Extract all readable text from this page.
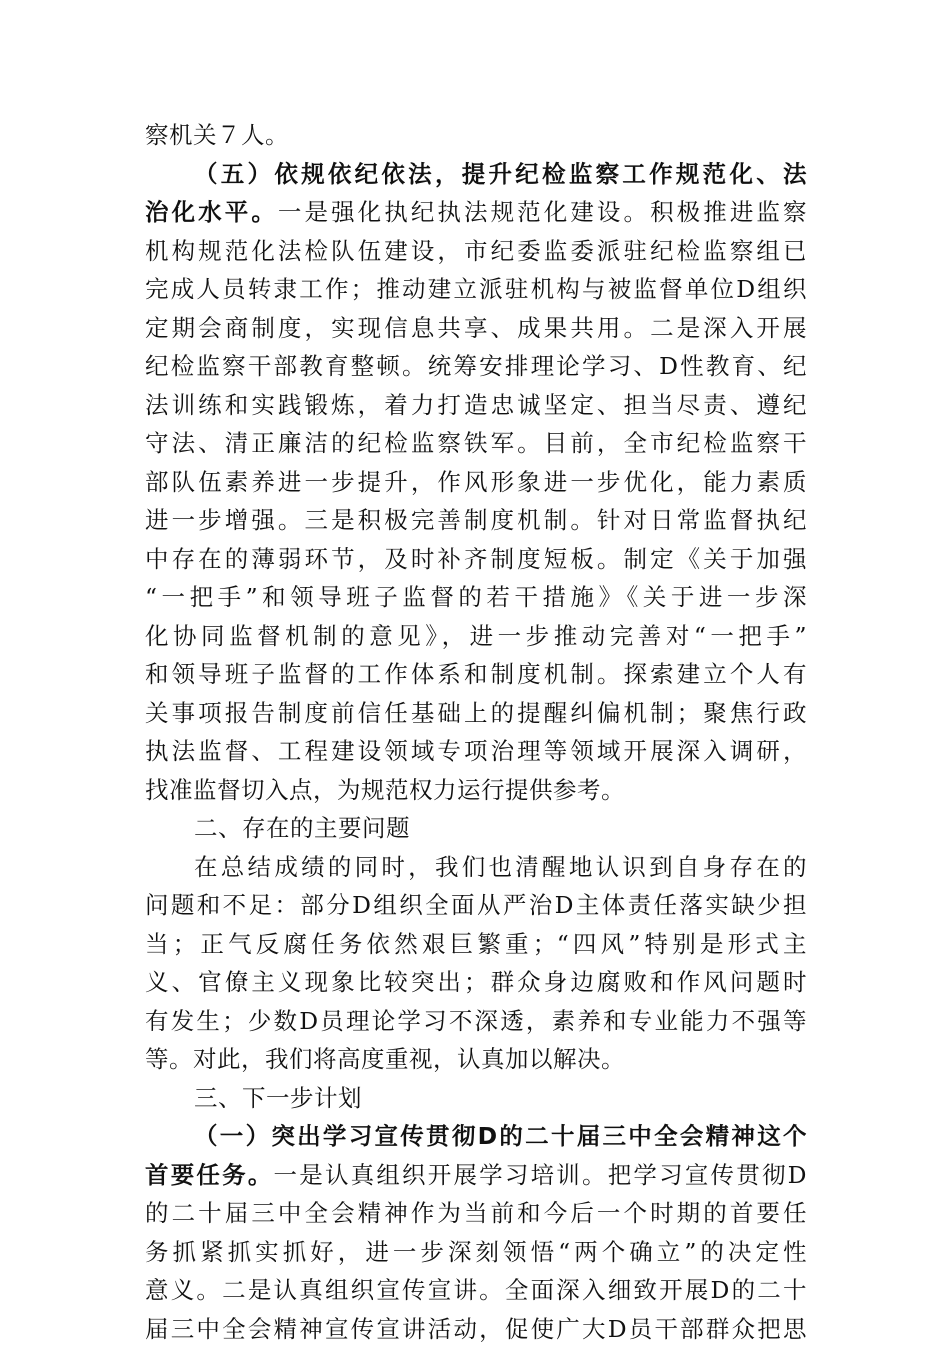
察机关７人。
（五）依规依纪依法，提升纪检监察工作规范化、法
治化水平。一是强化执纪执法规范化建设。积极推进监察
机构规范化法检队伍建设，市纪委监委派驻纪检监察组已
完成人员转隶工作；推动建立派驻机构与被监督单位D组织
定期会商制度，实现信息共享、成果共用。二是深入开展
纪检监察干部教育整顿。统筹安排理论学习、D性教育、纪
法训练和实践锻炼，着力打造忠诚坚定、担当尽责、遵纪
守法、清正廉洁的纪检监察铁军。目前，全市纪检监察干
部队伍素养进一步提升，作风形象进一步优化，能力素质
进一步增强。三是积极完善制度机制。针对日常监督执纪
中存在的薄弱环节，及时补齐制度短板。制定《关于加强
“一把手”和领导班子监督的若干措施》《关于进一步深
化协同监督机制的意见》，进一步推动完善对“一把手”
和领导班子监督的工作体系和制度机制。探索建立个人有
关事项报告制度前信任基础上的提醒纠偏机制；聚焦行政
执法监督、工程建设领域专项治理等领域开展深入调研，
找准监督切入点，为规范权力运行提供参考。
二、存在的主要问题
在总结成绩的同时，我们也清醒地认识到自身存在的
问题和不足：部分D组织全面从严治D主体责任落实缺少担
当；正气反腐任务依然艰巨繁重；“四风”特别是形式主
义、官僚主义现象比较突出；群众身边腐败和作风问题时
有发生；少数D员理论学习不深透，素养和专业能力不强等
等。对此，我们将高度重视，认真加以解决。
三、下一步计划
（一）突出学习宣传贯彻D的二十届三中全会精神这个
首要任务。一是认真组织开展学习培训。把学习宣传贯彻D
的二十届三中全会精神作为当前和今后一个时期的首要任
务抓紧抓实抓好，进一步深刻领悟“两个确立”的决定性
意义。二是认真组织宣传宣讲。全面深入细致开展D的二十
届三中全会精神宣传宣讲活动，促使广大D员干部群众把思
